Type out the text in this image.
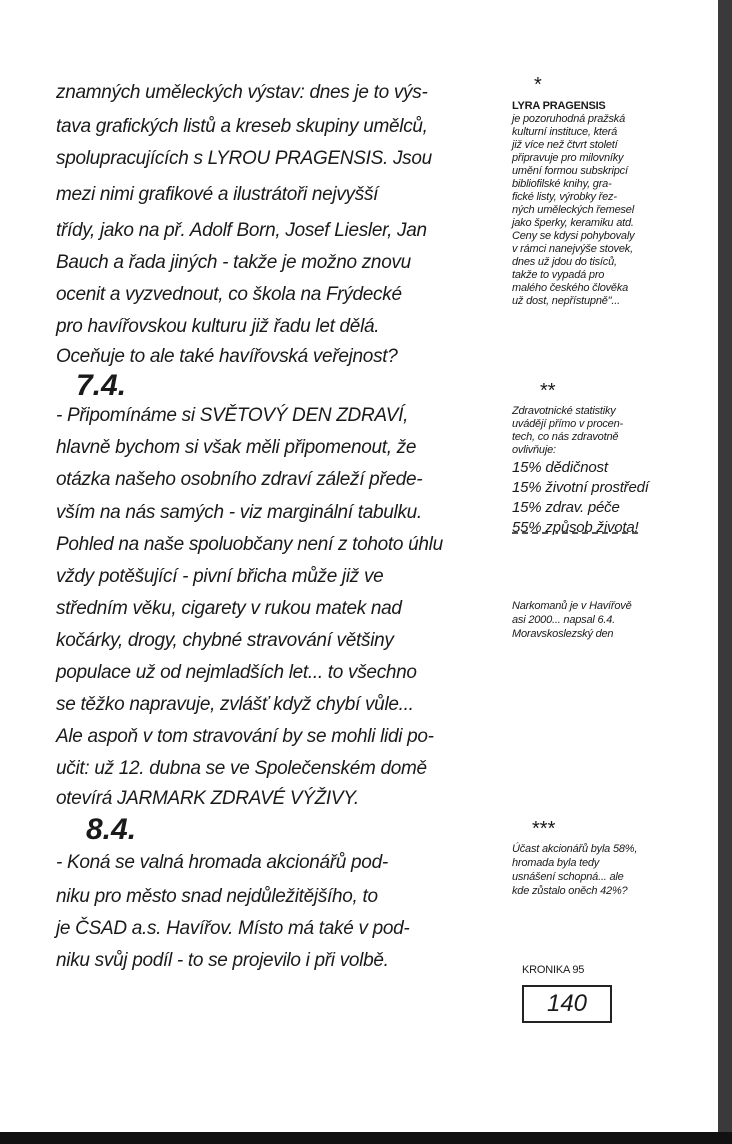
znamných uměleckých výstav: dnes je to výs-
tava grafických listů a kreseb skupiny umělců,
spolupracujících s LYROU PRAGENSIS. Jsou
mezi nimi grafikové a ilustrátoři nejvyšší
třídy, jako na př. Adolf Born, Josef Liesler, Jan
Bauch a řada jiných - takže je možno znovu
ocenit a vyzvednout, co škola na Frýdecké
pro havířovskou kulturu již řadu let dělá.
Oceňuje to ale také havířovská veřejnost?
7.4.
- Připomínáme si SVĚTOVÝ DEN ZDRAVÍ,
hlavně bychom si však měli připomenout, že
otázka našeho osobního zdraví záleží přede-
vším na nás samých - viz marginální tabulku.
Pohled na naše spoluobčany není z tohoto úhlu
vždy potěšující - pivní břicha může již ve
středním věku, cigarety v rukou matek nad
kočárky, drogy, chybné stravování většiny
populace už od nejmladších let... to všechno
se těžko napravuje, zvlášť když chybí vůle...
Ale aspoň v tom stravování by se mohli lidi po-
učit: už 12. dubna se ve Společenském domě
otevírá JARMARK ZDRAVÉ VÝŽIVY.
8.4.
- Koná se valná hromada akcionářů pod-
niku pro město snad nejdůležitějšího, to
je ČSAD a.s. Havířov. Místo má také v pod-
niku svůj podíl - to se projevilo i při volbě.
*
LYRA PRAGENSIS
je pozoruhodná pražská
kulturní instituce, která
již více než čtvrt století
připravuje pro milovníky
umění formou subskripcí
bibliofilské knihy, gra-
fické listy, výrobky řez-
ných uměleckých řemesel
jako šperky, keramiku atd.
Ceny se kdysi pohybovaly
v rámci nanejvýše stovek,
dnes už jdou do tisíců,
takže to vypadá pro
malého českého člověka
už dost, nepřístupně"...
**
Zdravotnické statistiky
uvádějí přímo v procen-
tech, co nás zdravotně
ovlivňuje:
15% dědičnost
15% životní prostředí
15% zdrav. péče
55% způsob života!
Narkomanů je v Havířově
asi 2000... napsal 6.4.
Moravskoslezský den
***
Účast akcionářů byla 58%,
hromada byla tedy
usnášení schopná... ale
kde zůstalo oněch 42%?
KRONIKA 95
140
